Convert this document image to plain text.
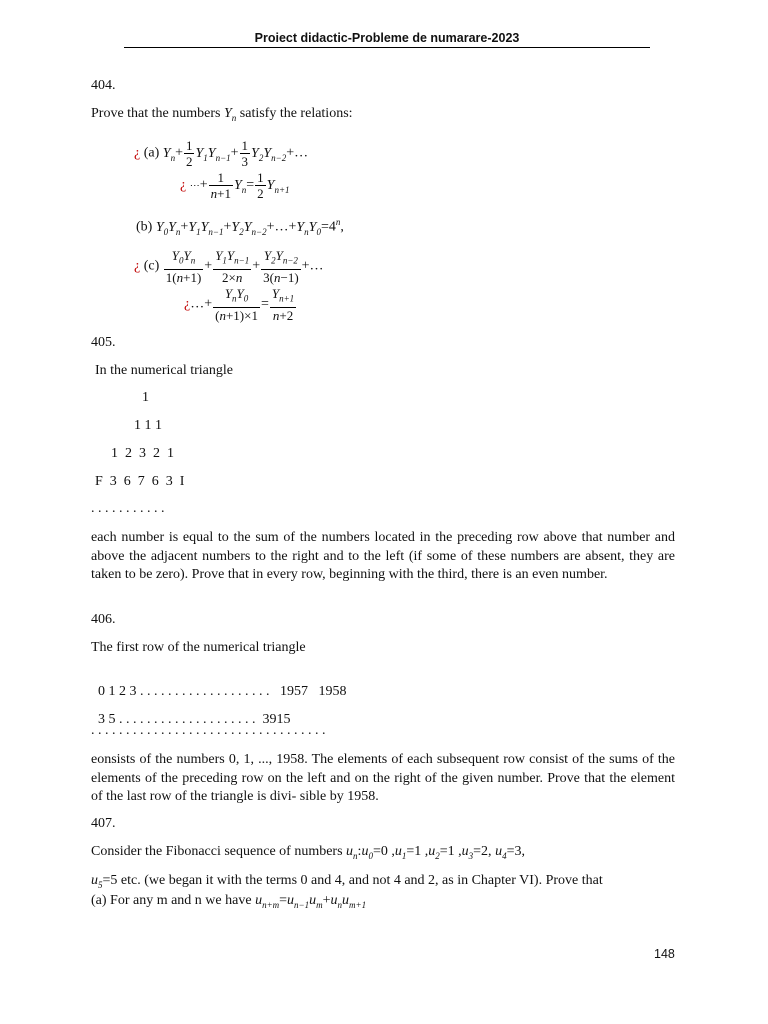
Proiect didactic-Probleme de numarare-2023
404.
Prove that the numbers $Y_n$ satisfy the relations:
¿ (a) $Y_n+ \frac{1}{2} Y_1Y_{n-1}+ \frac{1}{3}$ $Y_2Y_{n-2}+\dots$
¿ ⋯+ $\frac{1}{n+1} Y_n= \frac{1}{2} Y_{n+1}$
(b) $Y_0Y_n+Y_1Y_{n-1}+Y_2Y_{n-2}+\dots+Y_nY_0=4^n$,
¿ $(c) \frac{Y_0Y_n}{1(n+1)} + \frac{Y_1Y_{n-1}}{2\times n} + \frac{Y_2Y_{n-2}}{3(n-1)}$ +…
¿…+ $\frac{Y_nY_0}{(n+1)\times 1} = \frac{Y_{n+1}}{n+2}$
405.
In the numerical triangle
1
1 1 1
1  2  3  2  1
F  3  6  7  6  3  I
. . . . . . . . . . .
each number is equal to the sum of the numbers located in the preceding row above that number and above the adjacent numbers to the right and to the left (if some of these numbers are absent, they are taken to be zero). Prove that in every row, beginning with the third, there is an even number.
406.
The first row of the numerical triangle

0 1 2 3 . . . . . . . . . . . . . . . . . . . 1957   1958

3 5 . . . . . . . . . . . . . . . . . . . . 3915

. . . . . . . . . . . . . . . . . . . . . . . . . . . . . . . . . .
eonsists of the numbers 0, 1, ..., 1958. The elements of each subsequent row consist of the sums of the elements of the preceding row on the left and on the right of the given number. Prove that the element of the last row of the triangle is divi- sible by 1958.
407.
Consider the Fibonacci sequence of numbers $u_n:u_0=0$ $,u_1=1$ $,u_2=1$ $,u_3=2$, $u_4=3$,
$u_5=5$ etc. (we began it with the terms 0 and 4, and not 4 and 2, as in Chapter VI). Prove that
(a) For any m and n we have $u_{n+m}=u_{n-1}u_m+u_nu_{m+1}$
148
